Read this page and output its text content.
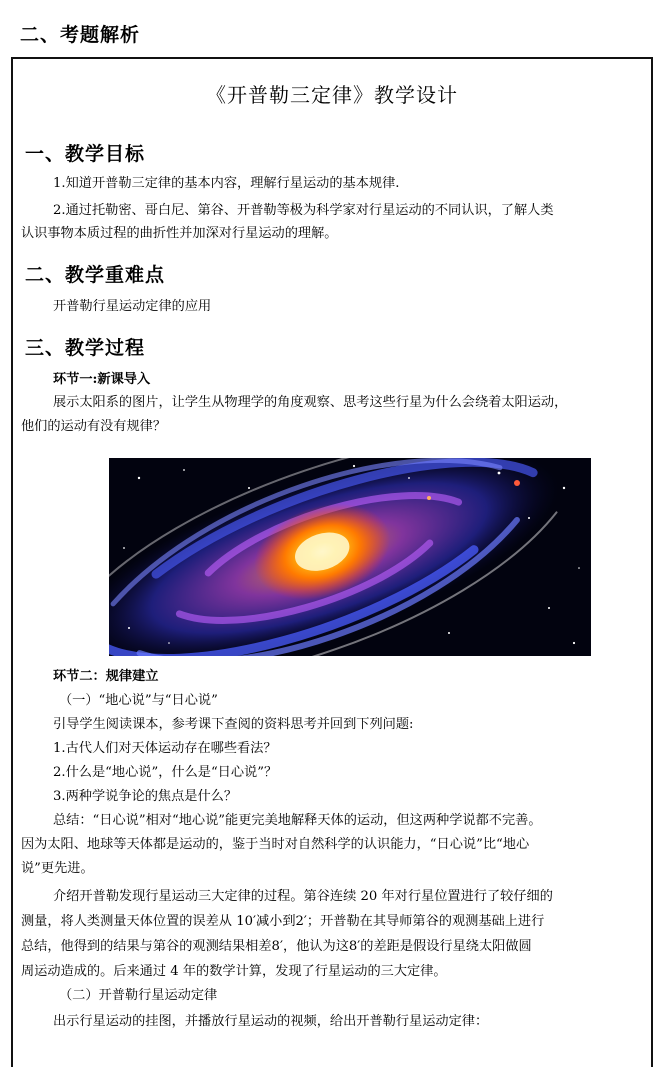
二、考题解析
《开普勒三定律》教学设计
一、教学目标
1.知道开普勒三定律的基本内容，理解行星运动的基本规律.
2.通过托勒密、哥白尼、第谷、开普勒等极为科学家对行星运动的不同认识，了解人类
认识事物本质过程的曲折性并加深对行星运动的理解。
二、教学重难点
开普勒行星运动定律的应用
三、教学过程
环节一:新课导入
展示太阳系的图片，让学生从物理学的角度观察、思考这些行星为什么会绕着太阳运动，
他们的运动有没有规律？
环节二：规律建立
（一）“地心说”与“日心说”
引导学生阅读课本，参考课下查阅的资料思考并回到下列问题:
1.古代人们对天体运动存在哪些看法？
2.什么是“地心说”，什么是“日心说”？
3.两种学说争论的焦点是什么？
总结：“日心说”相对“地心说”能更完美地解释天体的运动，但这两种学说都不完善。
因为太阳、地球等天体都是运动的，鉴于当时对自然科学的认识能力，“日心说”比“地心
说”更先进。
介绍开普勒发现行星运动三大定律的过程。第谷连续 20 年对行星位置进行了较仔细的
测量，将人类测量天体位置的误差从 10′减小到2′；开普勒在其导师第谷的观测基础上进行
总结，他得到的结果与第谷的观测结果相差8′，他认为这8′的差距是假设行星绕太阳做圆
周运动造成的。后来通过 4 年的数学计算，发现了行星运动的三大定律。
（二）开普勒行星运动定律
出示行星运动的挂图，并播放行星运动的视频，给出开普勒行星运动定律：
